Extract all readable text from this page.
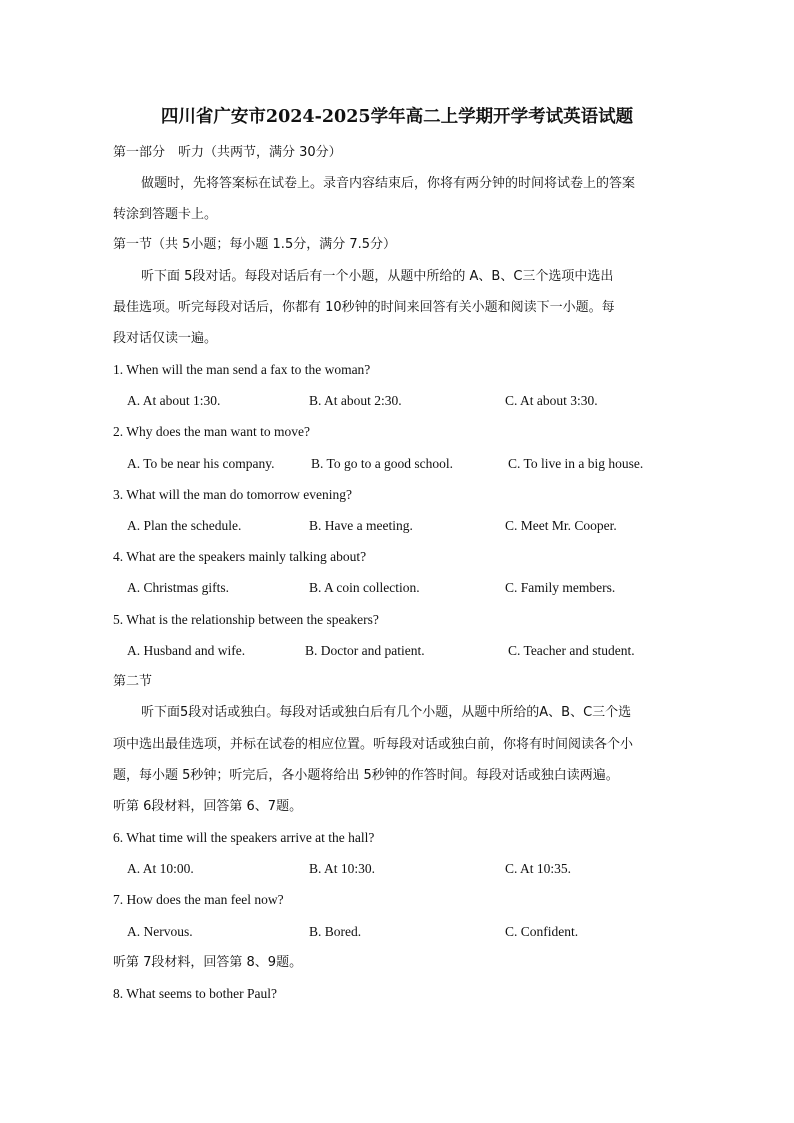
四川省广安市2024-2025学年高二上学期开学考试英语试题
第一部分　听力（共两节，满分 30分）
做题时，先将答案标在试卷上。录音内容结束后，你将有两分钟的时间将试卷上的答案
转涂到答题卡上。
第一节（共 5小题；每小题 1.5分，满分 7.5分）
听下面 5段对话。每段对话后有一个小题，从题中所给的 A、B、C三个选项中选出
最佳选项。听完每段对话后，你都有 10秒钟的时间来回答有关小题和阅读下一小题。每
段对话仅读一遍。
1. When will the man send a fax to the woman?
A. At about 1:30.	B. At about 2:30.	C. At about 3:30.
2. Why does the man want to move?
A. To be near his company.	B. To go to a good school.	C. To live in a big house.
3. What will the man do tomorrow evening?
A. Plan the schedule.	B. Have a meeting.	C. Meet Mr. Cooper.
4. What are the speakers mainly talking about?
A. Christmas gifts.	B. A coin collection.	C. Family members.
5. What is the relationship between the speakers?
A. Husband and wife.	B. Doctor and patient.	C. Teacher and student.
第二节
听下面5段对话或独白。每段对话或独白后有几个小题，从题中所给的A、B、C三个选
项中选出最佳选项，并标在试卷的相应位置。听每段对话或独白前，你将有时间阅读各个小
题，每小题 5秒钟；听完后，各小题将给出 5秒钟的作答时间。每段对话或独白读两遍。
听第 6段材料，回答第 6、7题。
6. What time will the speakers arrive at the hall?
A. At 10:00.	B. At 10:30.	C. At 10:35.
7. How does the man feel now?
A. Nervous.	B. Bored.	C. Confident.
听第 7段材料，回答第 8、9题。
8. What seems to bother Paul?
